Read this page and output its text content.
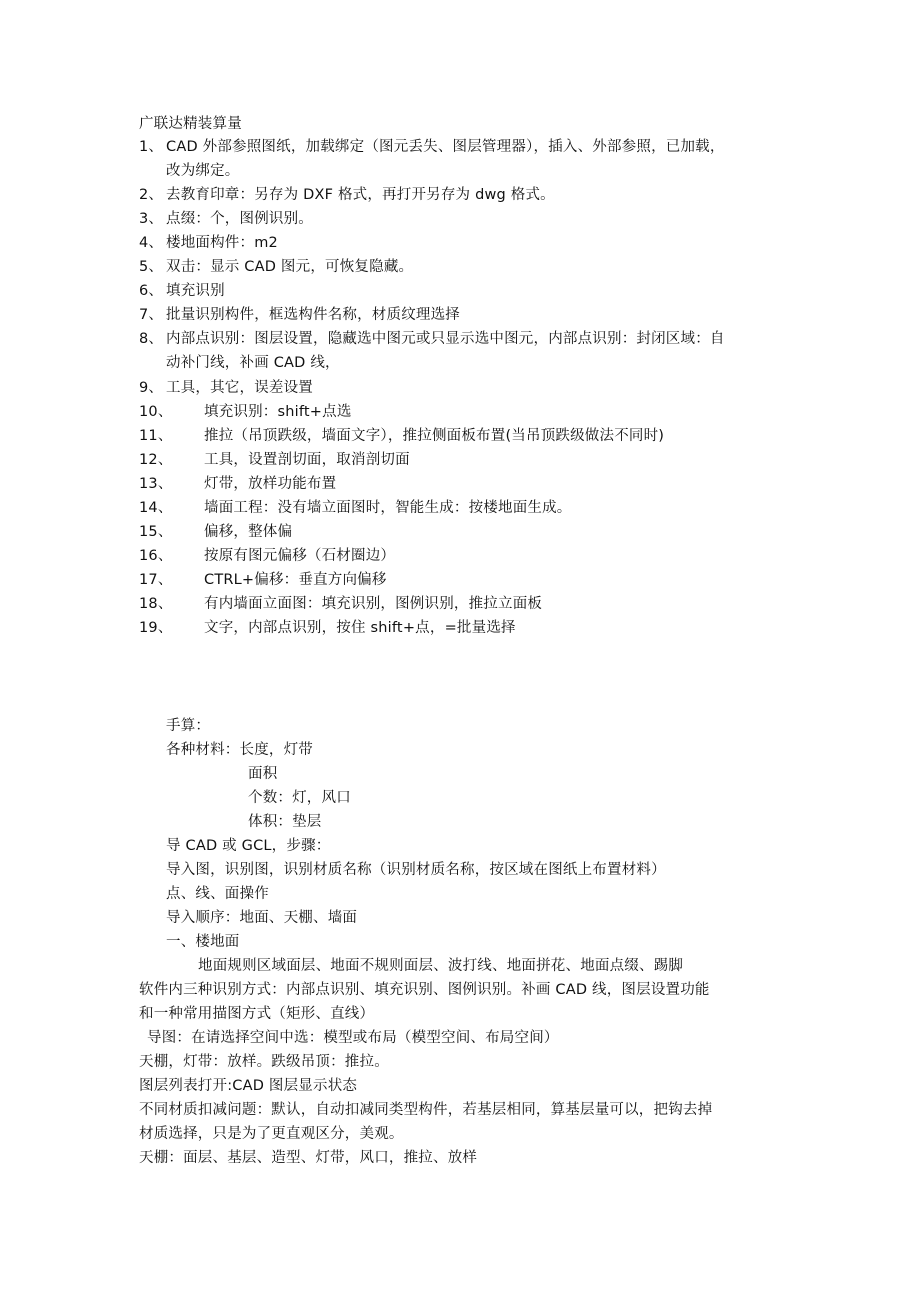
广联达精装算量
1、 CAD 外部参照图纸，加载绑定（图元丢失、图层管理器），插入、外部参照，已加载，
改为绑定。
2、 去教育印章：另存为 DXF 格式，再打开另存为 dwg 格式。
3、 点缀：个，图例识别。
4、 楼地面构件：m2
5、 双击：显示 CAD 图元，可恢复隐藏。
6、 填充识别
7、 批量识别构件，框选构件名称，材质纹理选择
8、 内部点识别：图层设置，隐藏选中图元或只显示选中图元，内部点识别：封闭区域：自
动补门线，补画 CAD 线，
9、 工具，其它，误差设置
10、 填充识别：shift+点选
11、 推拉（吊顶跌级，墙面文字），推拉侧面板布置(当吊顶跌级做法不同时)
12、 工具，设置剖切面，取消剖切面
13、 灯带，放样功能布置
14、 墙面工程：没有墙立面图时，智能生成：按楼地面生成。
15、 偏移，整体偏
16、 按原有图元偏移（石材圈边）
17、 CTRL+偏移：垂直方向偏移
18、 有内墙面立面图：填充识别，图例识别，推拉立面板
19、 文字，内部点识别，按住 shift+点，=批量选择
手算：
各种材料：长度，灯带
面积
个数：灯，风口
体积：垫层
导 CAD 或 GCL，步骤：
导入图，识别图，识别材质名称（识别材质名称，按区域在图纸上布置材料）
点、线、面操作
导入顺序：地面、天棚、墙面
一、楼地面
地面规则区域面层、地面不规则面层、波打线、地面拼花、地面点缀、踢脚
软件内三种识别方式：内部点识别、填充识别、图例识别。补画 CAD 线，图层设置功能
和一种常用描图方式（矩形、直线）
导图：在请选择空间中选：模型或布局（模型空间、布局空间）
天棚，灯带：放样。跌级吊顶：推拉。
图层列表打开:CAD 图层显示状态
不同材质扣减问题：默认，自动扣减同类型构件，若基层相同，算基层量可以，把钩去掉
材质选择，只是为了更直观区分，美观。
天棚：面层、基层、造型、灯带，风口，推拉、放样
